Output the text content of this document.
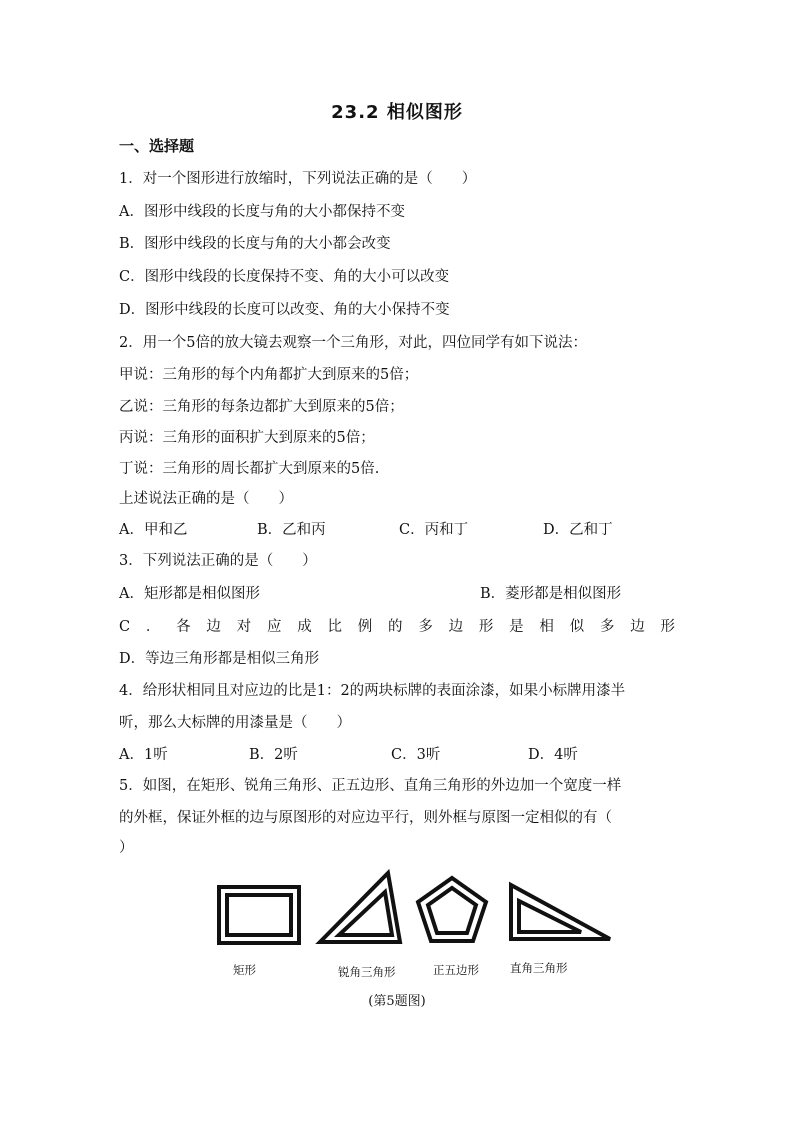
23.2 相似图形
一、选择题
1．对一个图形进行放缩时，下列说法正确的是（　　）
A．图形中线段的长度与角的大小都保持不变
B．图形中线段的长度与角的大小都会改变
C．图形中线段的长度保持不变、角的大小可以改变
D．图形中线段的长度可以改变、角的大小保持不变
2．用一个5倍的放大镜去观察一个三角形，对此，四位同学有如下说法：
甲说：三角形的每个内角都扩大到原来的5倍；
乙说：三角形的每条边都扩大到原来的5倍；
丙说：三角形的面积扩大到原来的5倍；
丁说：三角形的周长都扩大到原来的5倍.
上述说法正确的是（　　）
A．甲和乙	B．乙和丙	C．丙和丁	D．乙和丁
3．下列说法正确的是（　　）
A．矩形都是相似图形	B．菱形都是相似图形
C．各边对应成比例的多边形是相似多边形
D．等边三角形都是相似三角形
4．给形状相同且对应边的比是1：2的两块标牌的表面涂漆，如果小标牌用漆半
听，那么大标牌的用漆量是（　　）
A．1听	B．2听	C．3听	D．4听
5．如图，在矩形、锐角三角形、正五边形、直角三角形的外边加一个宽度一样
的外框，保证外框的边与原图形的对应边平行，则外框与原图一定相似的有（
）
矩形	锐角三角形	正五边形	直角三角形
(第5题图)
